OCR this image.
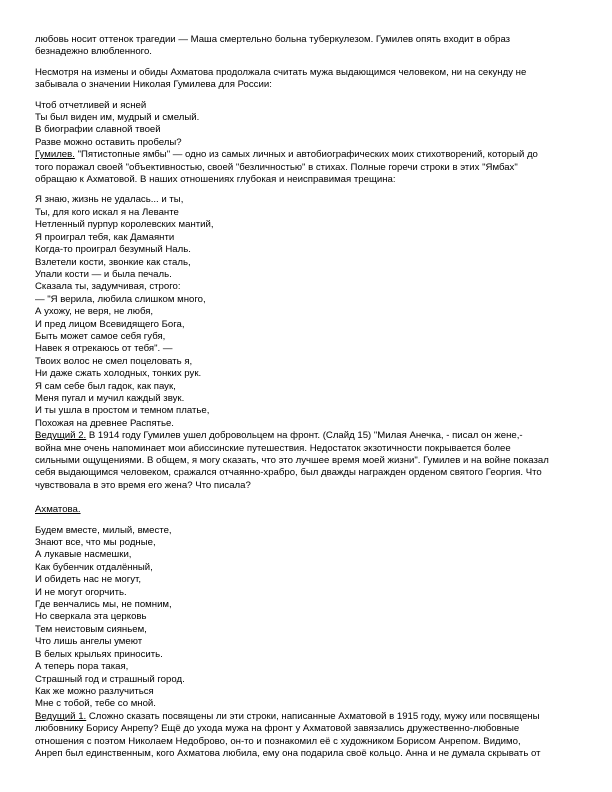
любовь носит оттенок трагедии — Маша смертельно больна туберкулезом. Гумилев опять входит в образ
безнадежно влюбленного.
Несмотря на измены и обиды Ахматова продолжала считать мужа выдающимся человеком, ни на секунду не
забывала о значении Николая Гумилева для России:
Чтоб отчетливей и ясней
Ты был виден им, мудрый и смелый.
В биографии славной твоей
Разве можно оставить пробелы?
Гумилев. "Пятистопные ямбы" — одно из самых личных и автобиографических моих стихотворений, который до
того поражал своей "объективностью, своей "безличностью" в стихах. Полные горечи строки в этих "Ямбах"
обращаю к Ахматовой. В наших отношениях глубокая и неисправимая трещина:
Я знаю, жизнь не удалась... и ты,
Ты, для кого искал я на Леванте
Нетленный пурпур королевских мантий,
Я проиграл тебя, как Дамаянти
Когда-то проиграл безумный Наль.
Взлетели кости, звонкие как сталь,
Упали кости — и была печаль.
Сказала ты, задумчивая, строго:
— "Я верила, любила слишком много,
А ухожу, не веря, не любя,
И пред лицом Всевидящего Бога,
Быть может самое себя губя,
Навек я отрекаюсь от тебя". —
Твоих волос не смел поцеловать я,
Ни даже сжать холодных, тонких рук.
Я сам себе был гадок, как паук,
Меня пугал и мучил каждый звук.
И ты ушла в простом и темном платье,
Похожая на древнее Распятье.
Ведущий 2. В 1914 году Гумилев ушел добровольцем на фронт. (Слайд 15) "Милая Анечка, - писал он жене,-
война мне очень напоминает мои абиссинские путешествия. Недостаток экзотичности покрывается более
сильными ощущениями. В общем, я могу сказать, что это лучшее время моей жизни". Гумилев и на войне показал
себя выдающимся человеком, сражался отчаянно-храбро, был дважды награжден орденом святого Георгия. Что
чувствовала в это время его жена? Что писала?
Ахматова.
Будем вместе, милый, вместе,
Знают все, что мы родные,
А лукавые насмешки,
Как бубенчик отдалённый,
И обидеть нас не могут,
И не могут огорчить.
Где венчались мы, не помним,
Но сверкала эта церковь
Тем неистовым сияньем,
Что лишь ангелы умеют
В белых крыльях приносить.
А теперь пора такая,
Страшный год и страшный город.
Как же можно разлучиться
Мне с тобой, тебе со мной.
Ведущий 1. Сложно сказать посвящены ли эти строки, написанные Ахматовой в 1915 году, мужу или посвящены
любовнику Борису Анрепу? Ещё до ухода мужа на фронт у Ахматовой завязались дружественно-любовные
отношения с поэтом Николаем Недоброво, он-то и познакомил её с художником Борисом Анрепом. Видимо,
Анреп был единственным, кого Ахматова любила, ему она подарила своё кольцо. Анна и не думала скрывать от
